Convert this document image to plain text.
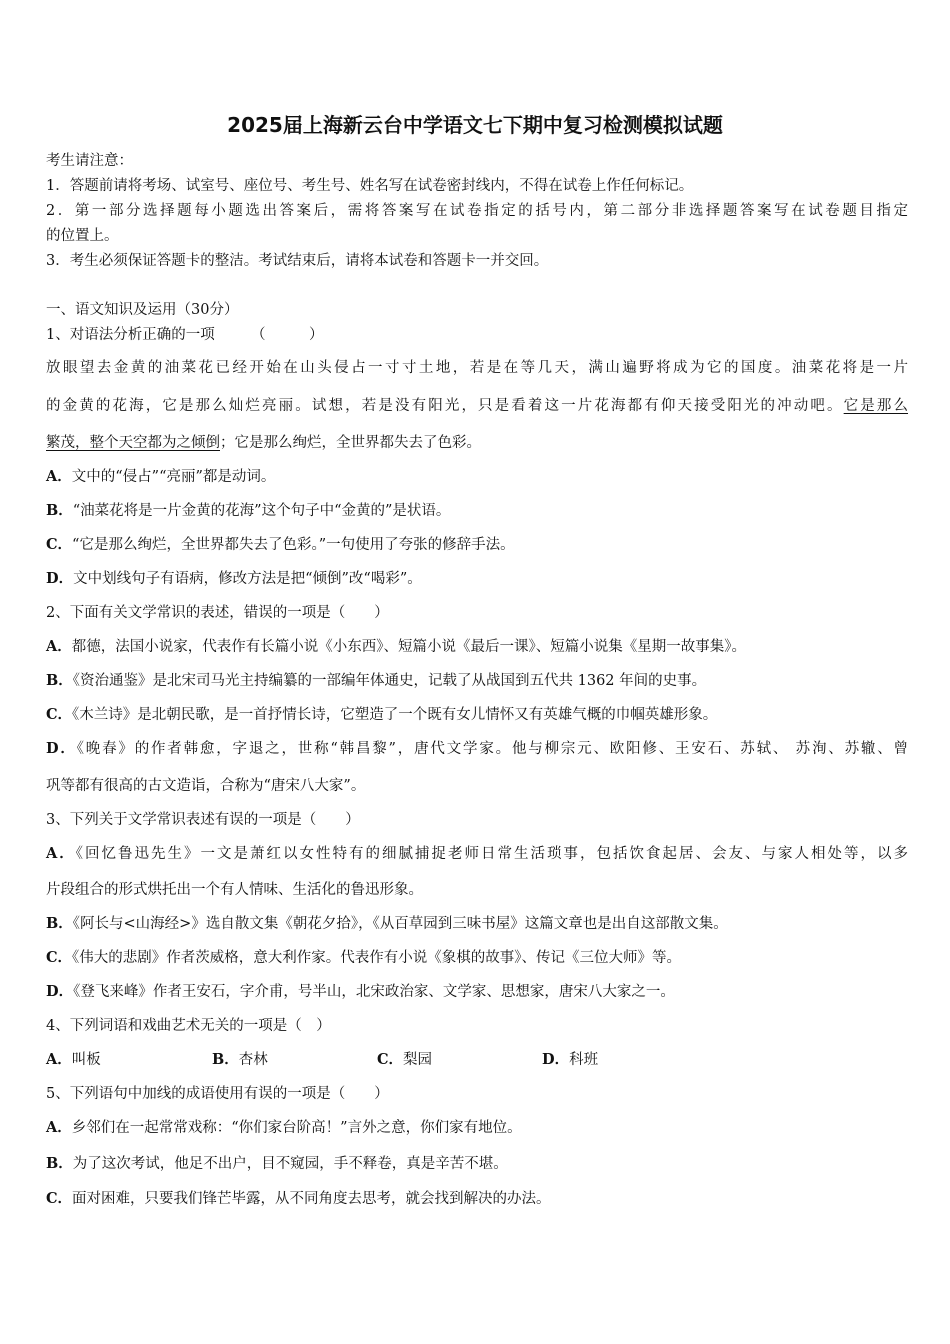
2025届上海新云台中学语文七下期中复习检测模拟试题
考生请注意：
1．答题前请将考场、试室号、座位号、考生号、姓名写在试卷密封线内，不得在试卷上作任何标记。
2．第一部分选择题每小题选出答案后，需将答案写在试卷指定的括号内，第二部分非选择题答案写在试卷题目指定
的位置上。
3．考生必须保证答题卡的整洁。考试结束后，请将本试卷和答题卡一并交回。
一、语文知识及运用（30分）
1、对语法分析正确的一项　　　（　　　）
放眼望去金黄的油菜花已经开始在山头侵占一寸寸土地，若是在等几天，满山遍野将成为它的国度。油菜花将是一片
的金黄的花海，它是那么灿烂亮丽。试想，若是没有阳光，只是看着这一片花海都有仰天接受阳光的冲动吧。它是那么
繁茂，整个天空都为之倾倒；它是那么绚烂，全世界都失去了色彩。
A．文中的“侵占”“亮丽”都是动词。
B．“油菜花将是一片金黄的花海”这个句子中“金黄的”是状语。
C．“它是那么绚烂，全世界都失去了色彩。”一句使用了夸张的修辞手法。
D．文中划线句子有语病，修改方法是把“倾倒”改“喝彩”。
2、下面有关文学常识的表述，错误的一项是（　　）
A．都德，法国小说家，代表作有长篇小说《小东西》、短篇小说《最后一课》、短篇小说集《星期一故事集》。
B．《资治通鉴》是北宋司马光主持编纂的一部编年体通史，记载了从战国到五代共 1362 年间的史事。
C．《木兰诗》是北朝民歌，是一首抒情长诗，它塑造了一个既有女儿情怀又有英雄气概的巾帼英雄形象。
D．《晚春》的作者韩愈，字退之，世称“韩昌黎”，唐代文学家。他与柳宗元、欧阳修、王安石、苏轼、 苏洵、苏辙、曾
巩等都有很高的古文造诣，合称为“唐宋八大家”。
3、下列关于文学常识表述有误的一项是（　　）
A．《回忆鲁迅先生》一文是萧红以女性特有的细腻捕捉老师日常生活琐事，包括饮食起居、会友、与家人相处等，以多
片段组合的形式烘托出一个有人情味、生活化的鲁迅形象。
B．《阿长与<山海经>》选自散文集《朝花夕拾》，《从百草园到三味书屋》这篇文章也是出自这部散文集。
C．《伟大的悲剧》作者茨威格，意大利作家。代表作有小说《象棋的故事》、传记《三位大师》等。
D．《登飞来峰》作者王安石，字介甫，号半山，北宋政治家、文学家、思想家，唐宋八大家之一。
4、下列词语和戏曲艺术无关的一项是（　）
A．叫板	B．杏林	C．梨园	D．科班
5、下列语句中加线的成语使用有误的一项是（　　）
A．乡邻们在一起常常戏称：“你们家台阶高！”言外之意，你们家有地位。
B．为了这次考试，他足不出户，目不窥园，手不释卷，真是辛苦不堪。
C．面对困难，只要我们锋芒毕露，从不同角度去思考，就会找到解决的办法。
